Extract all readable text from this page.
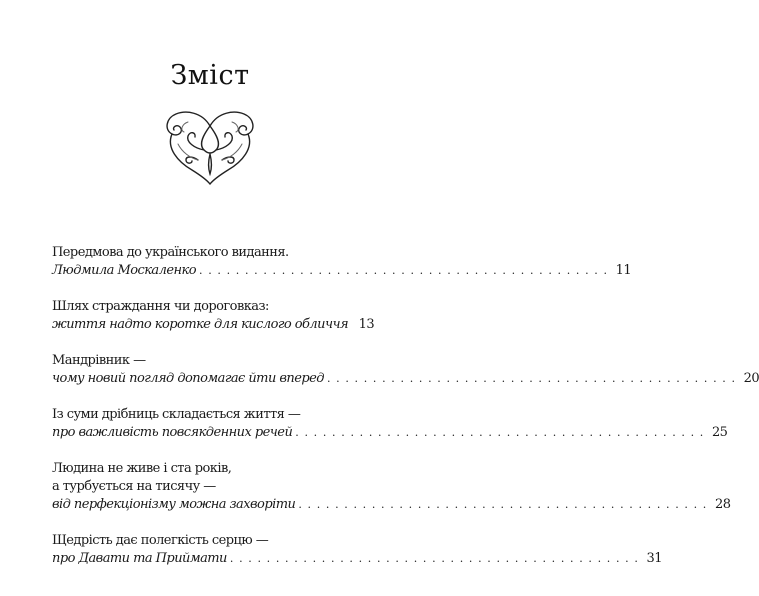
Зміст
Передмова до українського видання.
Людмила Москаленко . . . . . . . . . . . . . . . . . . . . . . . . . . . . . . . . . . . . . . . . . . . . . 11
Шлях страждання чи дороговказ:
життя надто коротке для кислого обличчя 13
Мандрівник —
чому новий погляд допомагає йти вперед . . . . . . . . . . . . . . . . . . . . . . . . . . . . . . . . . . . . . . . . . . . . . 20
Із суми дрібниць складається життя —
про важливість повсякденних речей . . . . . . . . . . . . . . . . . . . . . . . . . . . . . . . . . . . . . . . . . . . . . 25
Людина не живе і ста років,
а турбується на тисячу —
від перфекціонізму можна захворіти . . . . . . . . . . . . . . . . . . . . . . . . . . . . . . . . . . . . . . . . . . . . . 28
Щедрість дає полегкість серцю —
про Давати та Приймати . . . . . . . . . . . . . . . . . . . . . . . . . . . . . . . . . . . . . . . . . . . . . 31
